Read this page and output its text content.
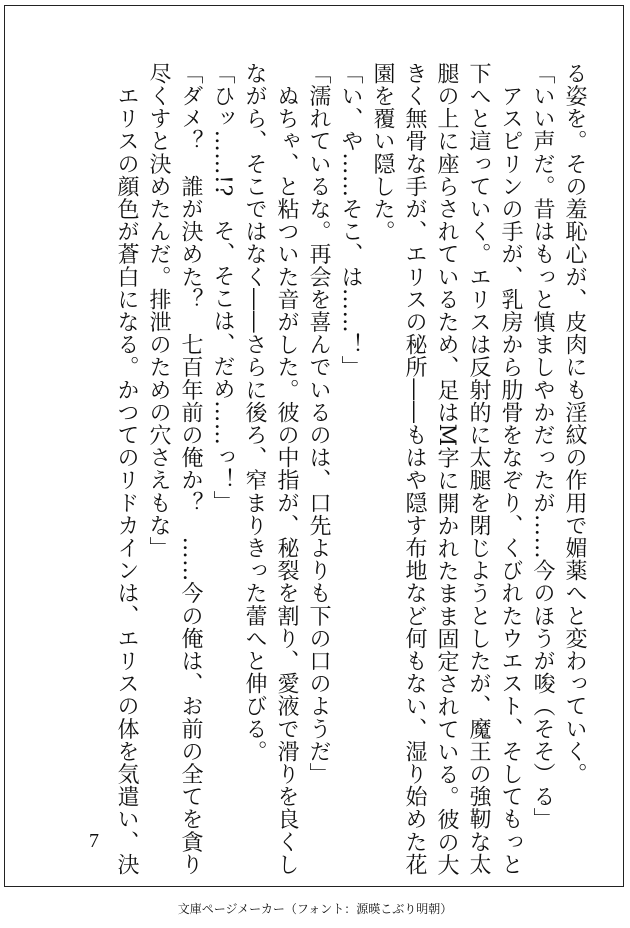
る姿を。その羞恥心が、皮肉にも淫紋の作用で媚薬へと変わっていく。
「いい声だ。昔はもっと慎ましやかだったが……今のほうが唆（そそ）る」
　アスピリンの手が、乳房から肋骨をなぞり、くびれたウエスト、そしてもっと
下へと這っていく。エリスは反射的に太腿を閉じようとしたが、魔王の強靭な太
腿の上に座らされているため、足はM字に開かれたまま固定されている。彼の大
きく無骨な手が、エリスの秘所――もはや隠す布地など何もない、湿り始めた花
園を覆い隠した。
「い、や……そこ、は……！」
「濡れているな。再会を喜んでいるのは、口先よりも下の口のようだ」
　ぬちゃ、と粘ついた音がした。彼の中指が、秘裂を割り、愛液で滑りを良くし
ながら、そこではなく――さらに後ろ、窄まりきった蕾へと伸びる。
「ひッ……!?　そ、そこは、だめ……っ！」
「ダメ？　誰が決めた？　七百年前の俺か？　……今の俺は、お前の全てを貪り
尽くすと決めたんだ。排泄のための穴さえもな」
　エリスの顔色が蒼白になる。かつてのリドカインは、エリスの体を気遣い、決
7
文庫ページメーカー（フォント：源暎こぶり明朝）
